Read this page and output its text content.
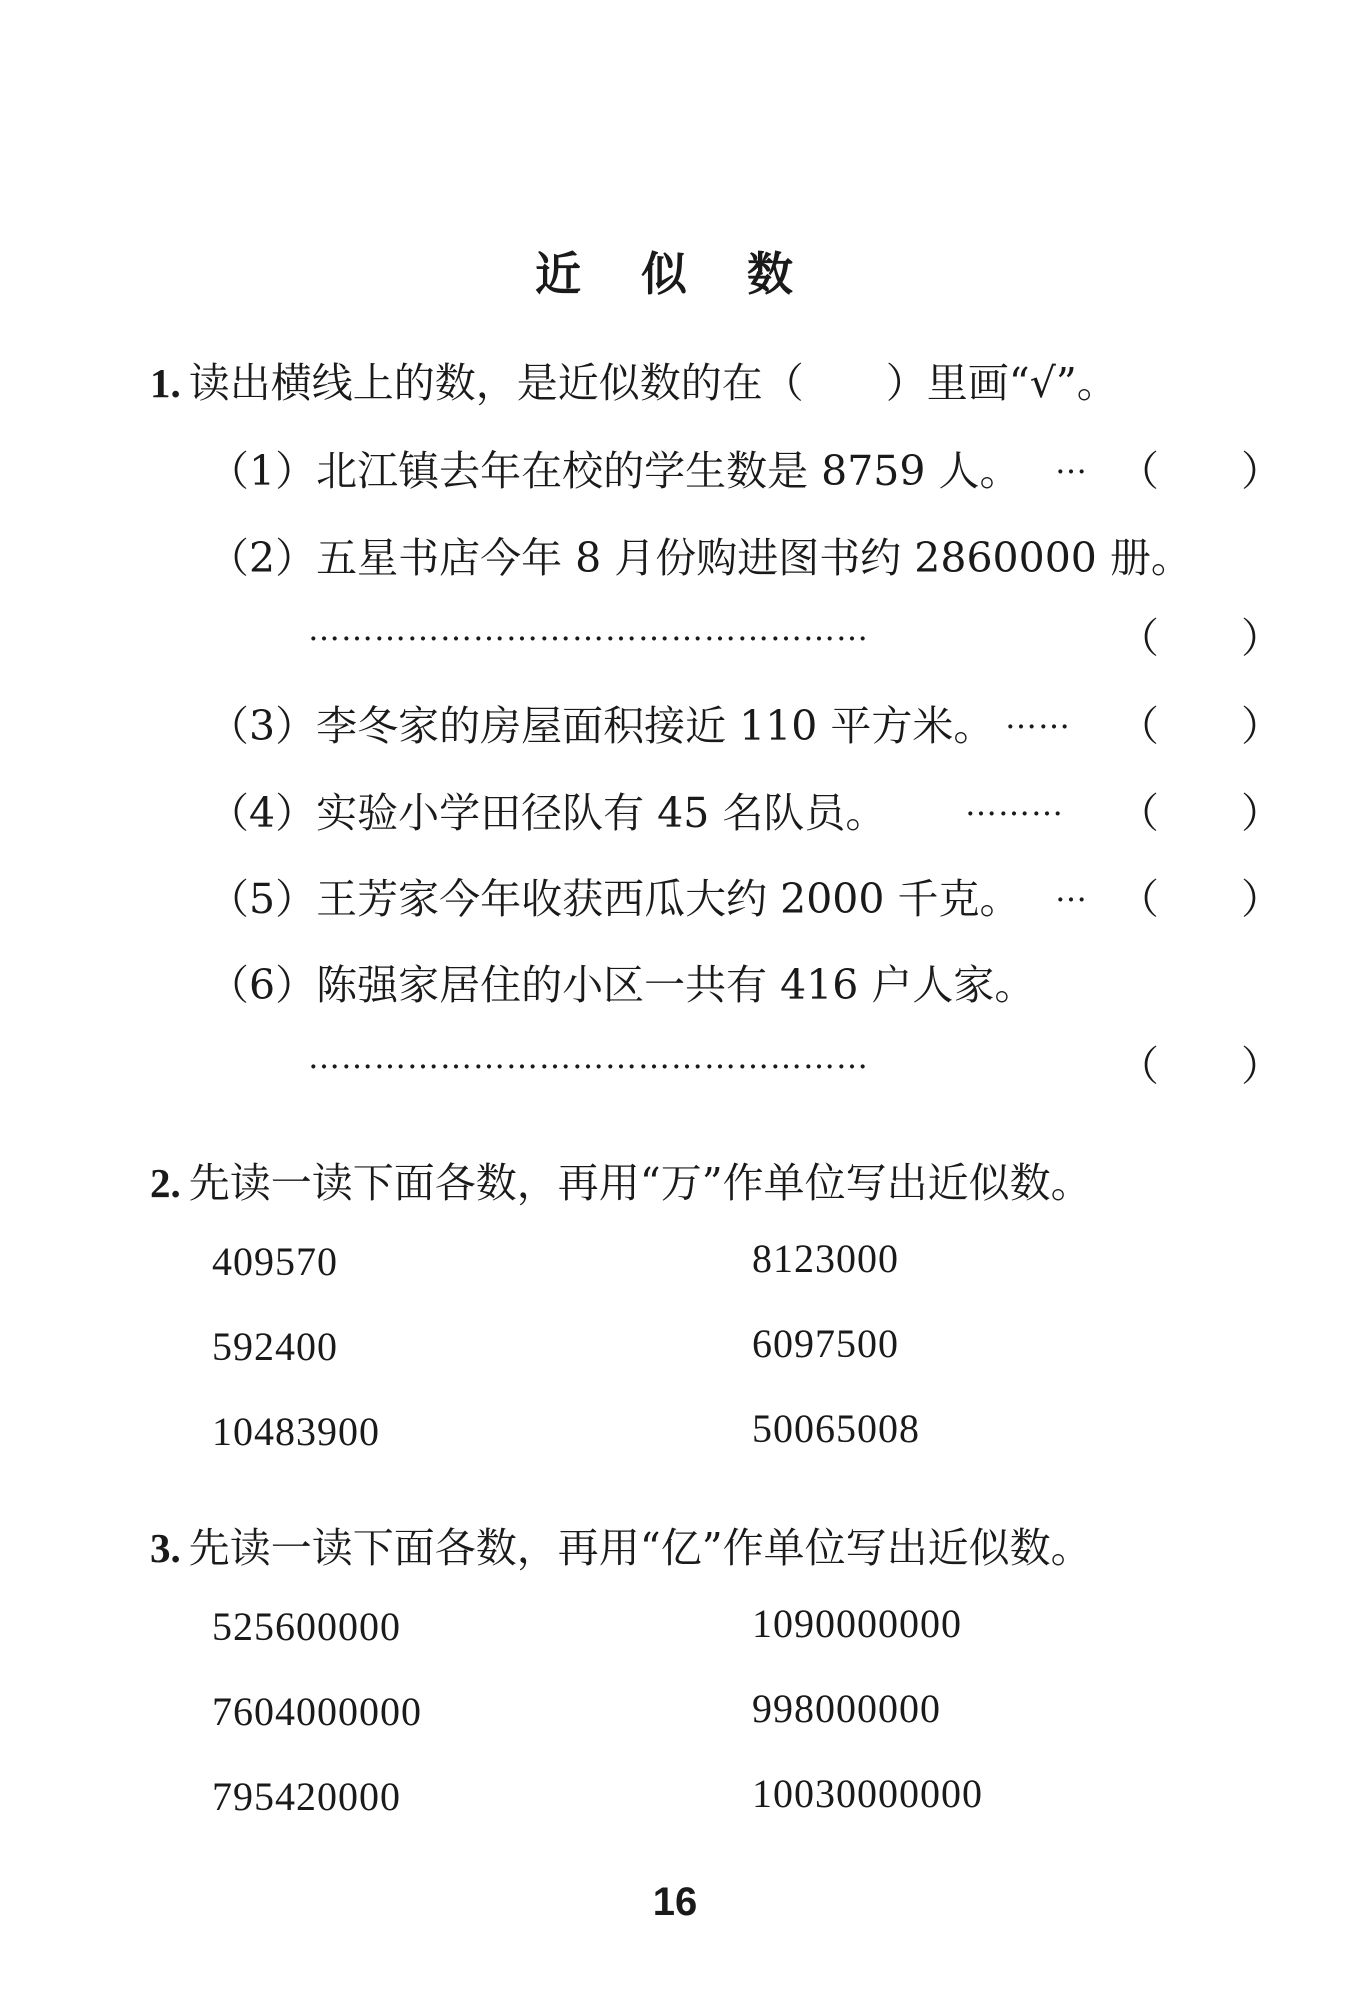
近 似 数
1. 读出横线上的数，是近似数的在（　　）里画“√”。
（1）北江镇去年在校的学生数是 8759 人。 … （　　）
（2）五星书店今年 8 月份购进图书约 2860000 册。
……………………………………………	（　　）
（3）李冬家的房屋面积接近 110 平方米。 …… （　　）
（4）实验小学田径队有 45 名队员。 ……… （　　）
（5）王芳家今年收获西瓜大约 2000 千克。 … （　　）
（6）陈强家居住的小区一共有 416 户人家。
……………………………………………	（　　）
2. 先读一读下面各数，再用“万”作单位写出近似数。
409570
592400
10483900
8123000
6097500
50065008
3. 先读一读下面各数，再用“亿”作单位写出近似数。
525600000
7604000000
795420000
1090000000
998000000
10030000000
16
